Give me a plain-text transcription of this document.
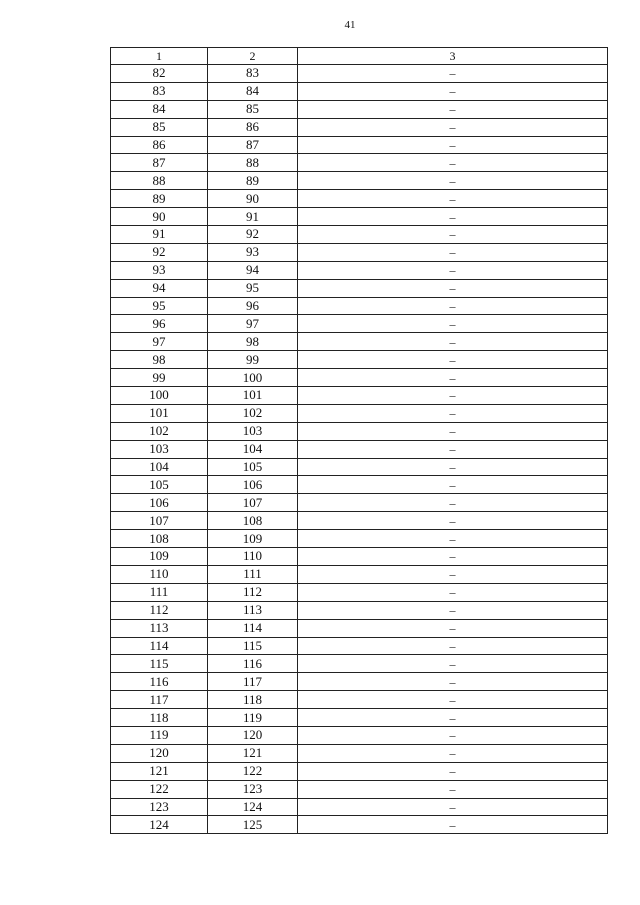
41
1	2	3
82	83	–
83	84	–
84	85	–
85	86	–
86	87	–
87	88	–
88	89	–
89	90	–
90	91	–
91	92	–
92	93	–
93	94	–
94	95	–
95	96	–
96	97	–
97	98	–
98	99	–
99	100	–
100	101	–
101	102	–
102	103	–
103	104	–
104	105	–
105	106	–
106	107	–
107	108	–
108	109	–
109	110	–
110	111	–
111	112	–
112	113	–
113	114	–
114	115	–
115	116	–
116	117	–
117	118	–
118	119	–
119	120	–
120	121	–
121	122	–
122	123	–
123	124	–
124	125	–
